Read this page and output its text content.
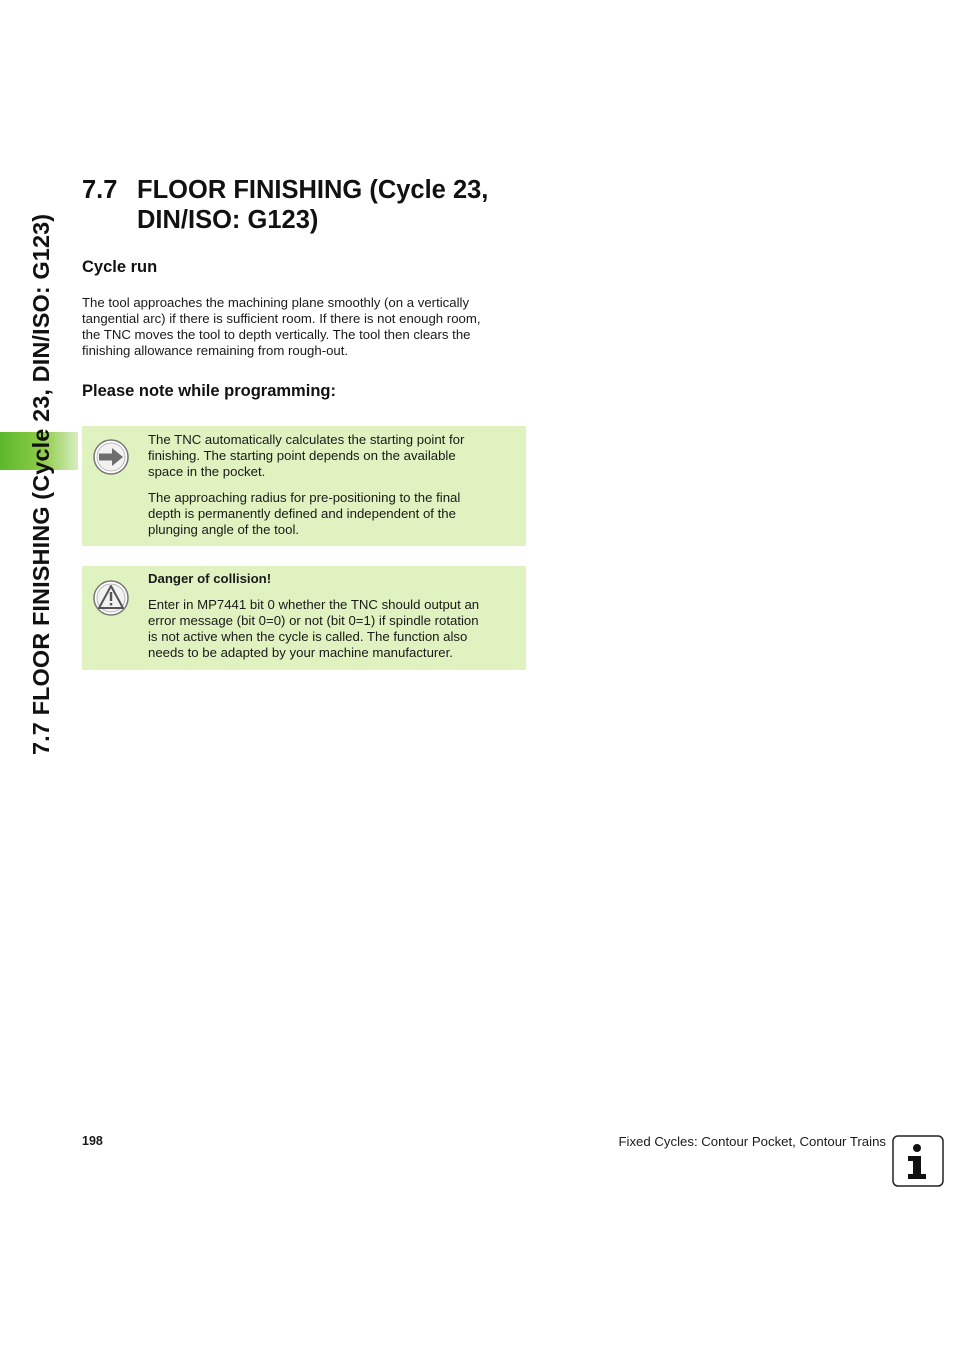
7.7 FLOOR FINISHING (Cycle 23, DIN/ISO: G123)
7.7 FLOOR FINISHING (Cycle 23,
DIN/ISO: G123)
Cycle run
The tool approaches the machining plane smoothly (on a vertically
tangential arc) if there is sufficient room. If there is not enough room,
the TNC moves the tool to depth vertically. The tool then clears the
finishing allowance remaining from rough-out.
Please note while programming:

The TNC automatically calculates the starting point for
finishing. The starting point depends on the available
space in the pocket.

The approaching radius for pre-positioning to the final
depth is permanently defined and independent of the
plunging angle of the tool.

Danger of collision!

Enter in MP7441 bit 0 whether the TNC should output an
error message (bit 0=0) or not (bit 0=1) if spindle rotation
is not active when the cycle is called. The function also
needs to be adapted by your machine manufacturer.

198	Fixed Cycles: Contour Pocket, Contour Trains
